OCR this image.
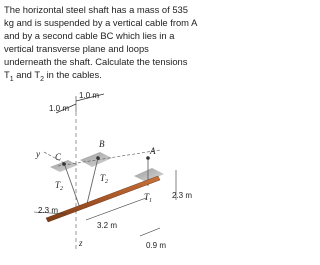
The horizontal steel shaft has a mass of 535 kg and is suspended by a vertical cable from A and by a second cable BC which lies in a vertical transverse plane and loops underneath the shaft. Calculate the tensions $T_1$ and $T_2$ in the cables.

1.0 m
1.0 m
B
C
A
y
z
$T_2$
$T_2$
$T_1$
2.3 m
3.2 m
2.3 m
0.9 m
